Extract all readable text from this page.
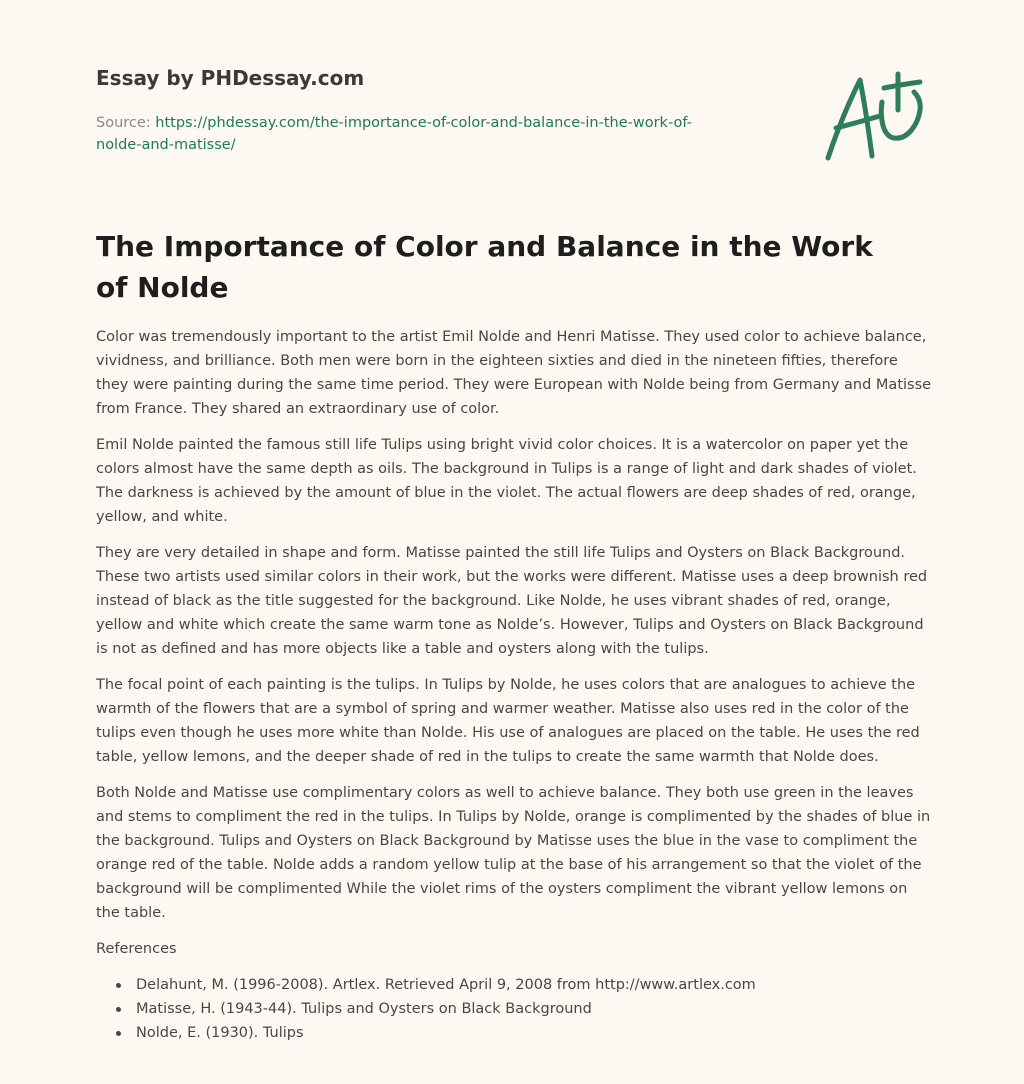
Essay by PHDessay.com
Source: https://phdessay.com/the-importance-of-color-and-balance-in-the-work-of-nolde-and-matisse/
The Importance of Color and Balance in the Work of Nolde

Color was tremendously important to the artist Emil Nolde and Henri Matisse. They used color to achieve balance, vividness, and brilliance. Both men were born in the eighteen sixties and died in the nineteen fifties, therefore they were painting during the same time period. They were European with Nolde being from Germany and Matisse from France. They shared an extraordinary use of color.

Emil Nolde painted the famous still life Tulips using bright vivid color choices. It is a watercolor on paper yet the colors almost have the same depth as oils. The background in Tulips is a range of light and dark shades of violet. The darkness is achieved by the amount of blue in the violet. The actual flowers are deep shades of red, orange, yellow, and white.

They are very detailed in shape and form. Matisse painted the still life Tulips and Oysters on Black Background. These two artists used similar colors in their work, but the works were different. Matisse uses a deep brownish red instead of black as the title suggested for the background. Like Nolde, he uses vibrant shades of red, orange, yellow and white which create the same warm tone as Nolde’s. However, Tulips and Oysters on Black Background is not as defined and has more objects like a table and oysters along with the tulips.

The focal point of each painting is the tulips. In Tulips by Nolde, he uses colors that are analogues to achieve the warmth of the flowers that are a symbol of spring and warmer weather. Matisse also uses red in the color of the tulips even though he uses more white than Nolde. His use of analogues are placed on the table. He uses the red table, yellow lemons, and the deeper shade of red in the tulips to create the same warmth that Nolde does.

Both Nolde and Matisse use complimentary colors as well to achieve balance. They both use green in the leaves and stems to compliment the red in the tulips. In Tulips by Nolde, orange is complimented by the shades of blue in the background. Tulips and Oysters on Black Background by Matisse uses the blue in the vase to compliment the orange red of the table. Nolde adds a random yellow tulip at the base of his arrangement so that the violet of the background will be complimented While the violet rims of the oysters compliment the vibrant yellow lemons on the table.

References

Delahunt, M. (1996-2008). Artlex. Retrieved April 9, 2008 from http://www.artlex.com
Matisse, H. (1943-44). Tulips and Oysters on Black Background
Nolde, E. (1930). Tulips
